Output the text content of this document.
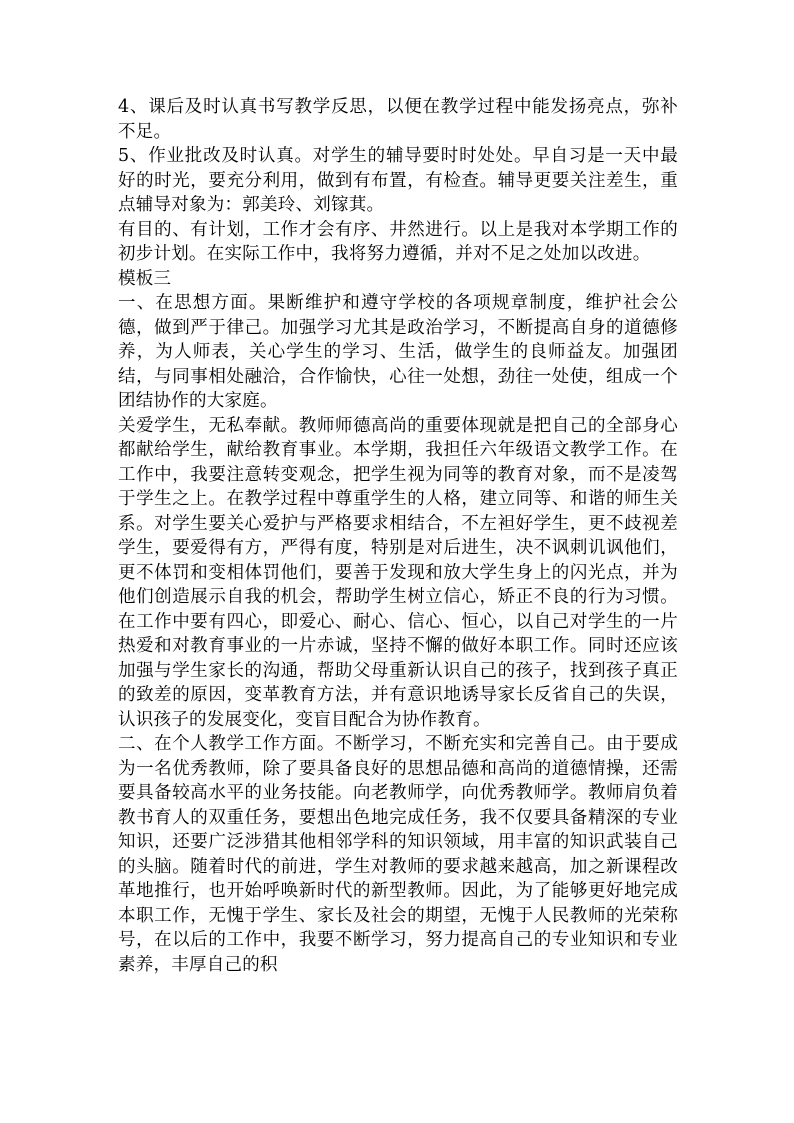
4、课后及时认真书写教学反思，以便在教学过程中能发扬亮点，弥补不足。

5、作业批改及时认真。对学生的辅导要时时处处。早自习是一天中最好的时光，要充分利用，做到有布置，有检查。辅导更要关注差生，重点辅导对象为：郭美玲、刘镓萁。

有目的、有计划，工作才会有序、井然进行。以上是我对本学期工作的初步计划。在实际工作中，我将努力遵循，并对不足之处加以改进。

模板三

一、在思想方面。果断维护和遵守学校的各项规章制度，维护社会公德，做到严于律己。加强学习尤其是政治学习，不断提高自身的道德修养，为人师表，关心学生的学习、生活，做学生的良师益友。加强团结，与同事相处融洽，合作愉快，心往一处想，劲往一处使，组成一个团结协作的大家庭。

关爱学生，无私奉献。教师师德高尚的重要体现就是把自己的全部身心都献给学生，献给教育事业。本学期，我担任六年级语文教学工作。在工作中，我要注意转变观念，把学生视为同等的教育对象，而不是凌驾于学生之上。在教学过程中尊重学生的人格，建立同等、和谐的师生关系。对学生要关心爱护与严格要求相结合，不左袒好学生，更不歧视差学生，要爱得有方，严得有度，特别是对后进生，决不讽刺讥讽他们，更不体罚和变相体罚他们，要善于发现和放大学生身上的闪光点，并为他们创造展示自我的机会，帮助学生树立信心，矫正不良的行为习惯。在工作中要有四心，即爱心、耐心、信心、恒心，以自己对学生的一片热爱和对教育事业的一片赤诚，坚持不懈的做好本职工作。同时还应该加强与学生家长的沟通，帮助父母重新认识自己的孩子，找到孩子真正的致差的原因，变革教育方法，并有意识地诱导家长反省自己的失误，认识孩子的发展变化，变盲目配合为协作教育。

二、在个人教学工作方面。不断学习，不断充实和完善自己。由于要成为一名优秀教师，除了要具备良好的思想品德和高尚的道德情操，还需要具备较高水平的业务技能。向老教师学，向优秀教师学。教师肩负着教书育人的双重任务，要想出色地完成任务，我不仅要具备精深的专业知识，还要广泛涉猎其他相邻学科的知识领域，用丰富的知识武装自己的头脑。随着时代的前进，学生对教师的要求越来越高，加之新课程改革地推行，也开始呼唤新时代的新型教师。因此，为了能够更好地完成本职工作，无愧于学生、家长及社会的期望，无愧于人民教师的光荣称号，在以后的工作中，我要不断学习，努力提高自己的专业知识和专业素养，丰厚自己的积
